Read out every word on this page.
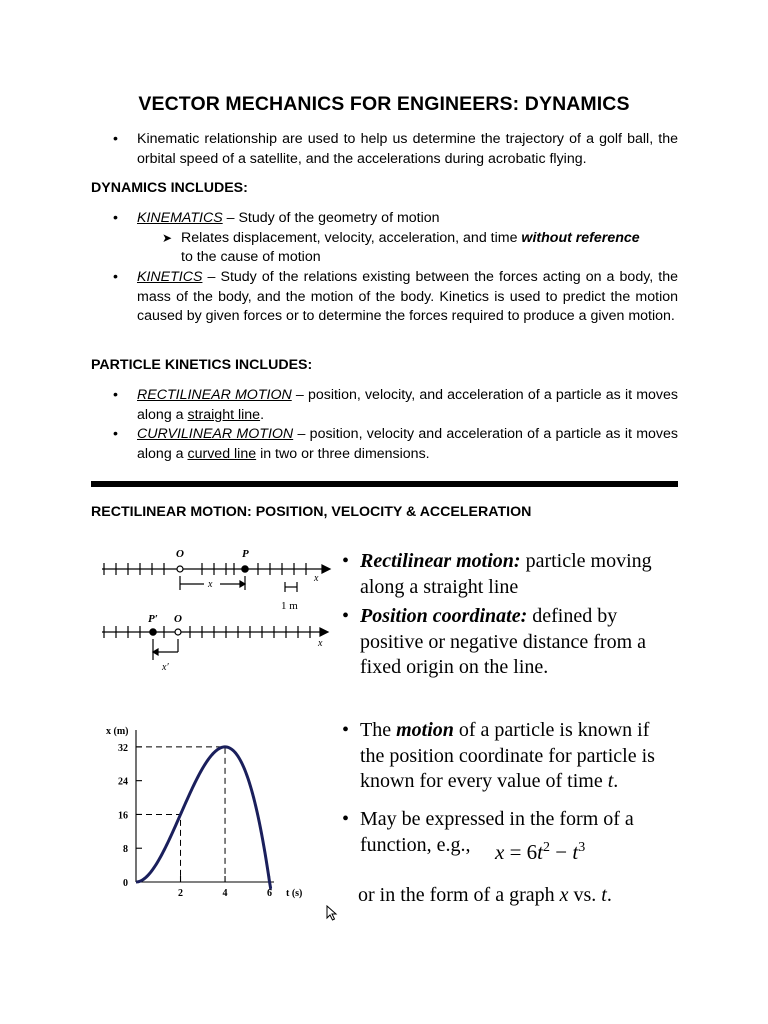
VECTOR MECHANICS FOR ENGINEERS: DYNAMICS
• Kinematic relationship are used to help us determine the trajectory of a golf ball, the orbital speed of a satellite, and the accelerations during acrobatic flying.
DYNAMICS INCLUDES:
• KINEMATICS – Study of the geometry of motion
➤ Relates displacement, velocity, acceleration, and time without reference
to the cause of motion
• KINETICS – Study of the relations existing between the forces acting on a body, the mass of the body, and the motion of the body. Kinetics is used to predict the motion caused by given forces or to determine the forces required to produce a given motion.
PARTICLE KINETICS INCLUDES:
• RECTILINEAR MOTION – position, velocity, and acceleration of a particle as it moves along a straight line.
• CURVILINEAR MOTION – position, velocity and acceleration of a particle as it moves along a curved line in two or three dimensions.
RECTILINEAR MOTION: POSITION, VELOCITY & ACCELERATION
O	P
x
x
1 m
P′ O
x
x′
0
8
16
24
32
2	4	6
x (m)
t (s)
• Rectilinear motion: particle moving
along a straight line
• Position coordinate: defined by
positive or negative distance from a
fixed origin on the line.
• The motion of a particle is known if
the position coordinate for particle is
known for every value of time t.
• May be expressed in the form of a
function, e.g.,	$x = 6t^2 - t^3$
or in the form of a graph x vs. t.
